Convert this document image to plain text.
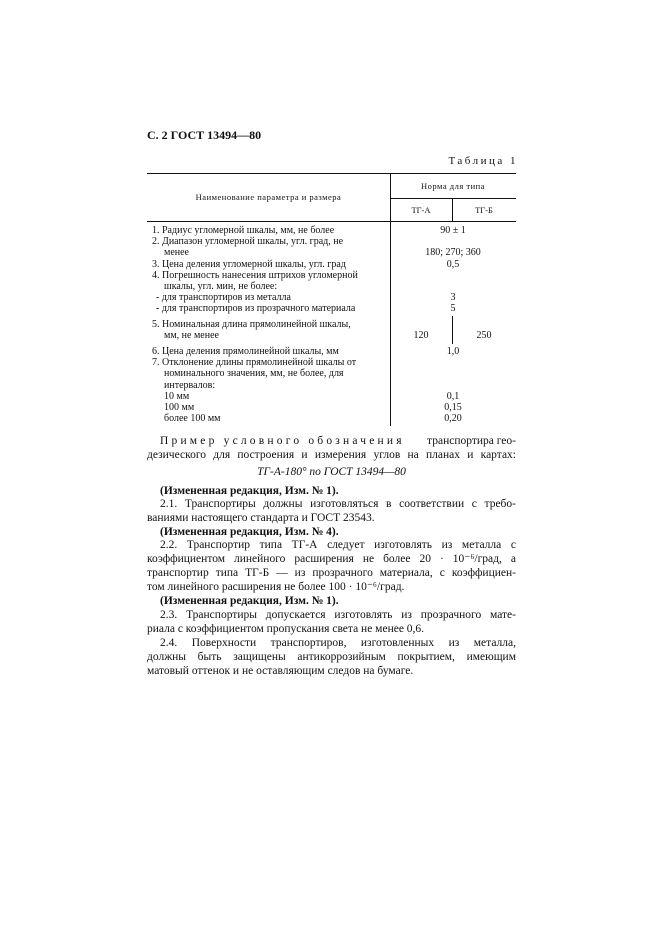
С. 2 ГОСТ 13494—80
Таблица 1
Наименование параметра и размера
Норма для типа
ТГ-А	ТГ-Б
1. Радиус угломерной шкалы, мм, не более
2. Диапазон угломерной шкалы, угл. град, не
менее
3. Цена деления угломерной шкалы, угл. град
4. Погрешность нанесения штрихов угломерной
шкалы, угл. мин, не более:
- для транспортиров из металла
- для транспортиров из прозрачного материала
5. Номинальная длина прямолинейной шкалы,
мм, не менее
6. Цена деления прямолинейной шкалы, мм
7. Отклонение длины прямолинейной шкалы от
номинального значения, мм, не более, для
интервалов:
10 мм
100 мм
более 100 мм
90 ± 1
180; 270; 360
0,5
3
5
120	250
1,0
0,1
0,15
0,20
Пример условного обозначения транспортира гео-
дезического для построения и измерения углов на планах и картах:
ТГ-А-180° по ГОСТ 13494—80
(Измененная редакция, Изм. № 1).
2.1. Транспортиры должны изготовляться в соответствии с требо-
ваниями настоящего стандарта и ГОСТ 23543.
(Измененная редакция, Изм. № 4).
2.2. Транспортир типа ТГ-А следует изготовлять из металла с
коэффициентом линейного расширения не более 20 · 10⁻⁶/град, а
транспортир типа ТГ-Б — из прозрачного материала, с коэффициен-
том линейного расширения не более 100 · 10⁻⁶/град.
(Измененная редакция, Изм. № 1).
2.3. Транспортиры допускается изготовлять из прозрачного мате-
риала с коэффициентом пропускания света не менее 0,6.
2.4. Поверхности транспортиров, изготовленных из металла,
должны быть защищены антикоррозийным покрытием, имеющим
матовый оттенок и не оставляющим следов на бумаге.
